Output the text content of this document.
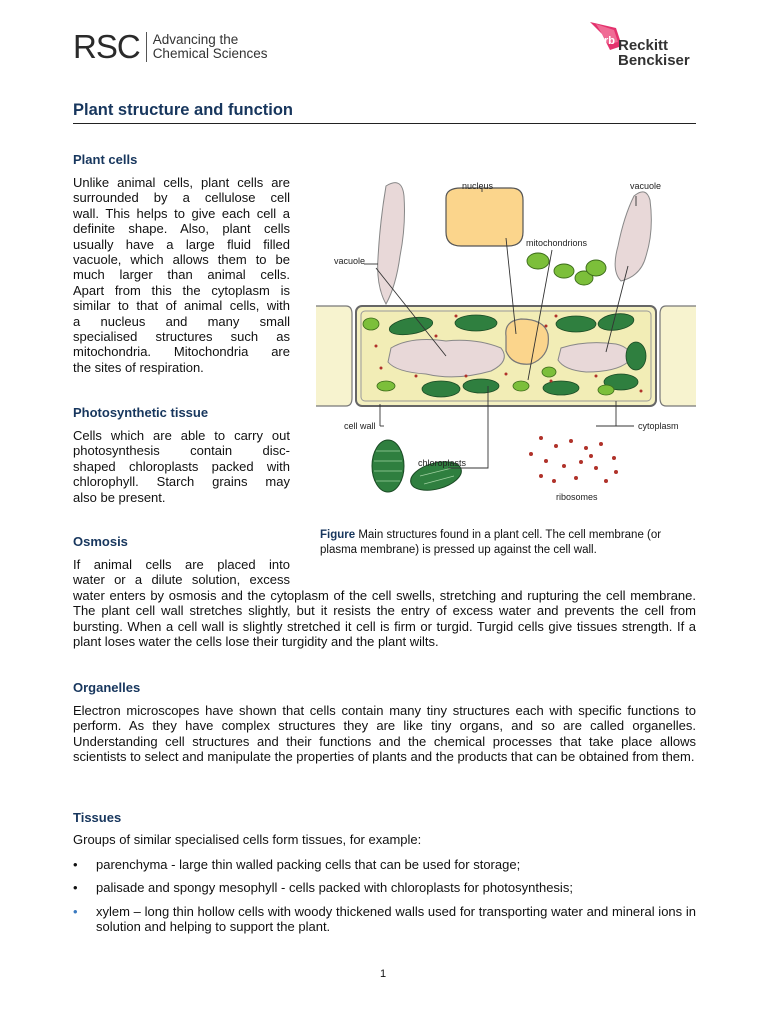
RSC Advancing the
Chemical Sciences
rb Reckitt
Benckiser
Plant structure and function
Plant cells

Unlike animal cells, plant cells are
surrounded by a cellulose cell
wall. This helps to give each cell a
definite shape. Also, plant cells
usually have a large fluid filled
vacuole, which allows them to be
much larger than animal cells.
Apart from this the cytoplasm is
similar to that of animal cells, with
a nucleus and many small
specialised structures such as
mitochondria. Mitochondria are
the sites of respiration.

Photosynthetic tissue

Cells which are able to carry out
photosynthesis contain disc-
shaped chloroplasts packed with
chlorophyll. Starch grains may
also be present.

Osmosis

If animal cells are placed into
water or a dilute solution, excess

water enters by osmosis and the cytoplasm of the cell swells, stretching and rupturing the cell membrane. The plant cell wall stretches slightly, but it resists the entry of excess water and prevents the cell from bursting. When a cell wall is slightly stretched it cell is firm or turgid. Turgid cells give tissues strength. If a plant loses water the cells lose their turgidity and the plant wilts.

Organelles

Electron microscopes have shown that cells contain many tiny structures each with specific functions to perform. As they have complex structures they are like tiny organs, and so are called organelles. Understanding cell structures and their functions and the chemical processes that take place allows scientists to select and manipulate the properties of plants and the products that can be obtained from them.

Tissues

Groups of similar specialised cells form tissues, for example:

• parenchyma - large thin walled packing cells that can be used for storage;
• palisade and spongy mesophyll - cells packed with chloroplasts for photosynthesis;
• xylem – long thin hollow cells with woody thickened walls used for transporting water and mineral ions in solution and helping to support the plant.
nucleus
vacuole
vacuole
mitochondrions
cell wall	cytoplasm
chloroplasts
ribosomes
Figure Main structures found in a plant cell. The cell membrane (or plasma membrane) is pressed up against the cell wall.
1
